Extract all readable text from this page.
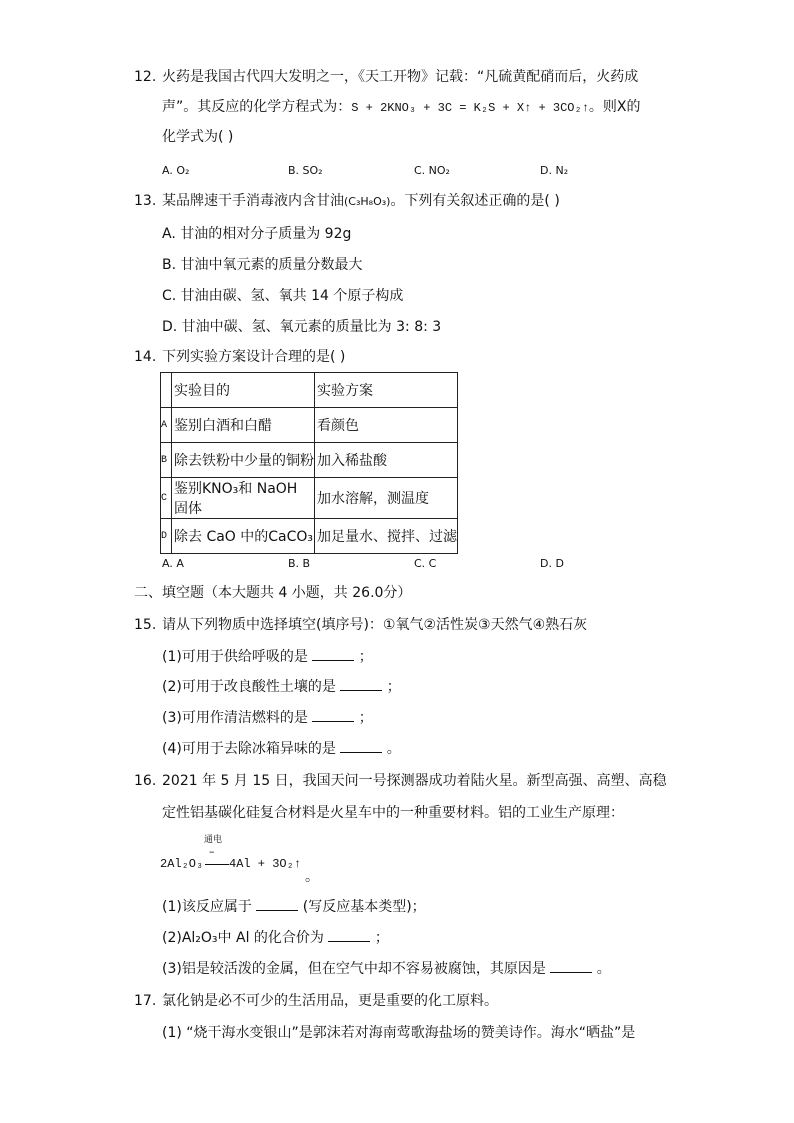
12. 火药是我国古代四大发明之一，《天工开物》记载：“凡硫黄配硝而后，火药成
声”。其反应的化学方程式为：S + 2KNO₃ + 3C = K₂S + X↑ + 3CO₂↑。则X的
化学式为( )
A. O₂	B. SO₂	C. NO₂	D. N₂
13. 某品牌速干手消毒液内含甘油(C₃H₈O₃)。下列有关叙述正确的是( )
A. 甘油的相对分子质量为 92g
B. 甘油中氧元素的质量分数最大
C. 甘油由碳、氢、氧共 14 个原子构成
D. 甘油中碳、氢、氧元素的质量比为 3: 8: 3
14. 下列实验方案设计合理的是( )
	实验目的	实验方案
A	鉴别白酒和白醋	看颜色
B	除去铁粉中少量的铜粉	加入稀盐酸
C	鉴别KNO₃和 NaOH 固体	加水溶解，测温度
D	除去 CaO 中的CaCO₃	加足量水、搅拌、过滤
A. A	B. B	C. C	D. D
二、填空题（本大题共 4 小题，共 26.0分）
15. 请从下列物质中选择填空(填序号)：①氧气②活性炭③天然气④熟石灰
(1)可用于供给呼吸的是	；
(2)可用于改良酸性土壤的是	；
(3)可用作清洁燃料的是	；
(4)可用于去除冰箱异味的是	。
16. 2021 年 5 月 15 日，我国天问一号探测器成功着陆火星。新型高强、高塑、高稳
定性铝基碳化硅复合材料是火星车中的一种重要材料。铝的工业生产原理：
通电
–
2Al₂O₃ 4Al + 3O₂↑
。
(1)该反应属于	(写反应基本类型)；
(2)Al₂O₃中 Al 的化合价为	；
(3)铝是较活泼的金属，但在空气中却不容易被腐蚀，其原因是	。
17. 氯化钠是必不可少的生活用品，更是重要的化工原料。
(1) “烧干海水变银山”是郭沫若对海南莺歌海盐场的赞美诗作。海水“晒盐”是
